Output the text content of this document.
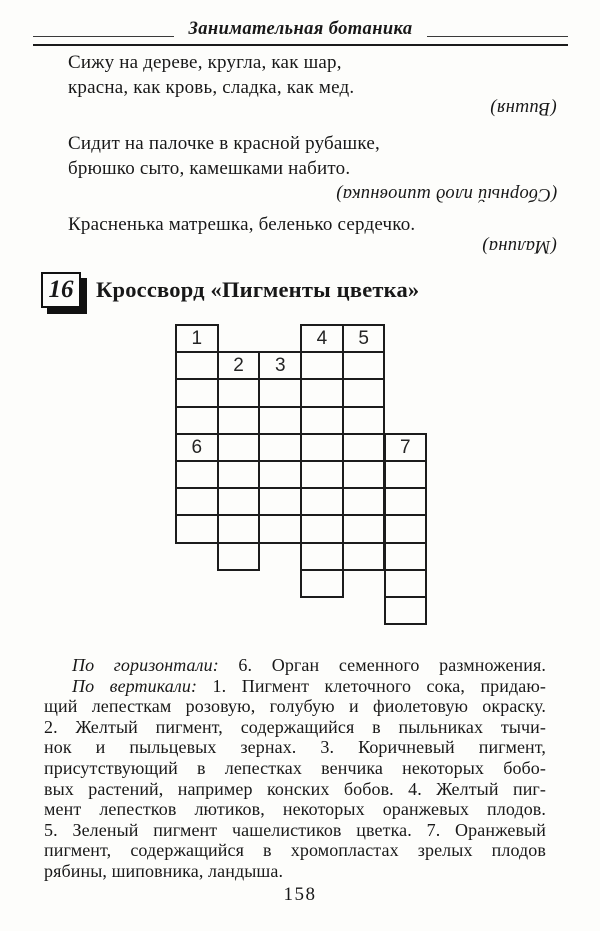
Занимательная ботаника
Сижу на дереве, кругла, как шар,
красна, как кровь, сладка, как мед.
(Вишня)
Сидит на палочке в красной рубашке,
брюшко сыто, камешками набито.
(Сборный плод шиповника)
Красненька матрешка, беленько сердечко.
(Малина)
16 Кроссворд «Пигменты цветка»
1	4 5
2 3
6	7

По горизонтали: 6. Орган семенного размножения.

По вертикали: 1. Пигмент клеточного сока, придаю-

щий лепесткам розовую, голубую и фиолетовую окраску.

2. Желтый пигмент, содержащийся в пыльниках тычи-

нок и пыльцевых зернах. 3. Коричневый пигмент,

присутствующий в лепестках венчика некоторых бобо-

вых растений, например конских бобов. 4. Желтый пиг-

мент лепестков лютиков, некоторых оранжевых плодов.

5. Зеленый пигмент чашелистиков цветка. 7. Оранжевый

пигмент, содержащийся в хромопластах зрелых плодов

рябины, шиповника, ландыша.

158
